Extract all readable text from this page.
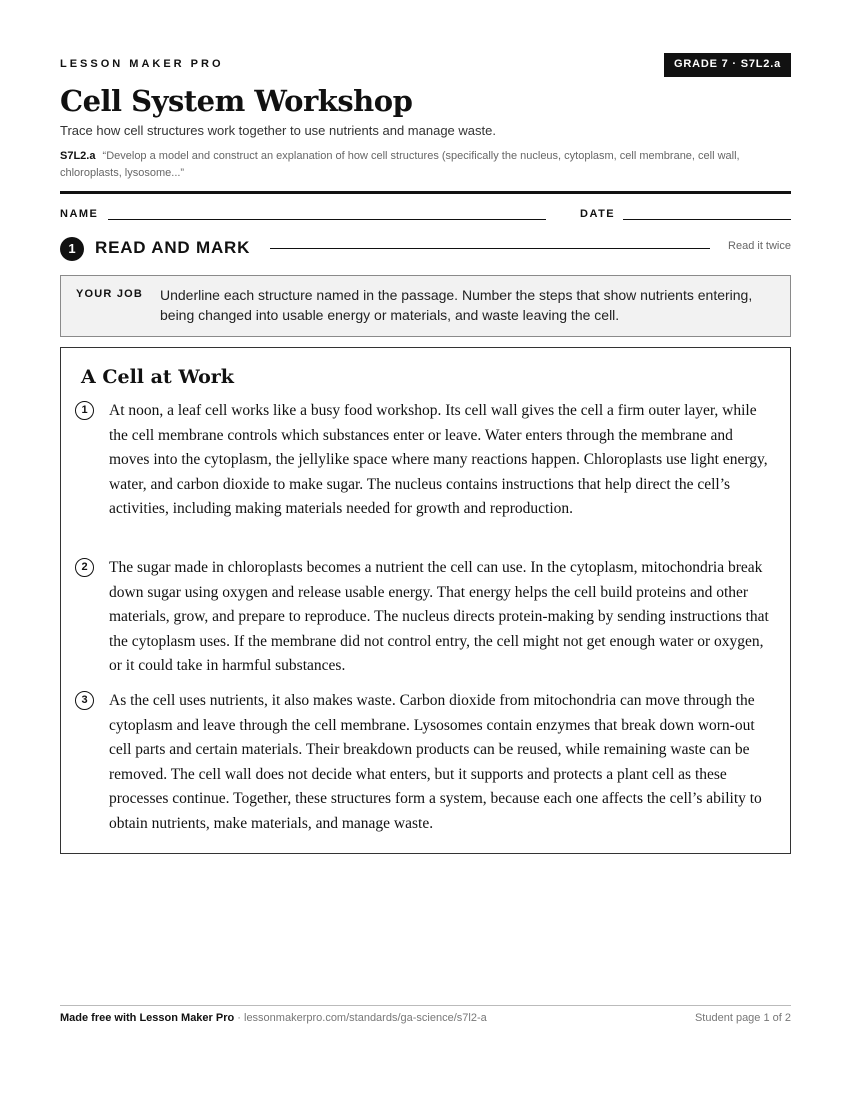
LESSON MAKER PRO	GRADE 7 · S7L2.a
Cell System Workshop
Trace how cell structures work together to use nutrients and manage waste.
S7L2.a “Develop a model and construct an explanation of how cell structures (specifically the nucleus, cytoplasm, cell membrane, cell wall, chloroplasts, lysosome...”
NAME	DATE
1	READ AND MARK	Read it twice
YOUR JOB Underline each structure named in the passage. Number the steps that show nutrients entering, being changed into usable energy or materials, and waste leaving the cell.
A Cell at Work
1	At noon, a leaf cell works like a busy food workshop. Its cell wall gives the cell a firm outer layer, while the cell membrane controls which substances enter or leave. Water enters through the membrane and moves into the cytoplasm, the jellylike space where many reactions happen. Chloroplasts use light energy, water, and carbon dioxide to make sugar. The nucleus contains instructions that help direct the cell’s activities, including making materials needed for growth and reproduction.
2	The sugar made in chloroplasts becomes a nutrient the cell can use. In the cytoplasm, mitochondria break down sugar using oxygen and release usable energy. That energy helps the cell build proteins and other materials, grow, and prepare to reproduce. The nucleus directs protein-making by sending instructions that the cytoplasm uses. If the membrane did not control entry, the cell might not get enough water or oxygen, or it could take in harmful substances.
3	As the cell uses nutrients, it also makes waste. Carbon dioxide from mitochondria can move through the cytoplasm and leave through the cell membrane. Lysosomes contain enzymes that break down worn-out cell parts and certain materials. Their breakdown products can be reused, while remaining waste can be removed. The cell wall does not decide what enters, but it supports and protects a plant cell as these processes continue. Together, these structures form a system, because each one affects the cell’s ability to obtain nutrients, make materials, and manage waste.
Made free with Lesson Maker Pro · lessonmakerpro.com/standards/ga-science/s7l2-a	Student page 1 of 2
